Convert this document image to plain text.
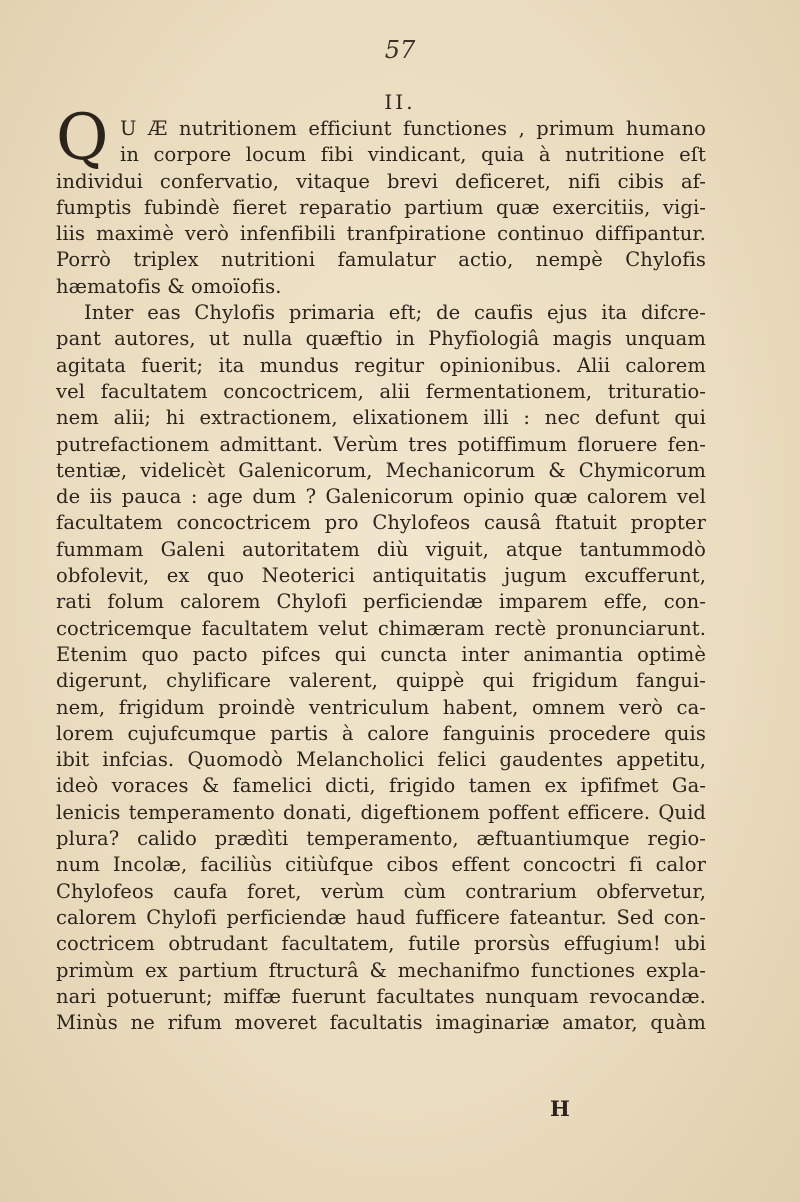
57

II.

Q U Æ nutritionem efficiunt functiones , primum humano
in corpore locum fibi vindicant, quia à nutritione eſt
individui confervatio, vitaque brevi deficeret, nifi cibis af-
fumptis fubindè fieret reparatio partium quæ exercitiis, vigi-
liis maximè verò infenfibili tranfpiratione continuo diffipantur.
Porrò triplex nutritioni famulatur actio, nempè Chylofis
hæmatofis & omoïofis.
Inter eas Chylofis primaria eft; de caufis ejus ita difcre-
pant autores, ut nulla quæftio in Phyfiologiâ magis unquam
agitata fuerit; ita mundus regitur opinionibus. Alii calorem
vel facultatem concoctricem, alii fermentationem, trituratio-
nem alii; hi extractionem, elixationem illi : nec defunt qui
putrefactionem admittant. Verùm tres potiffimum floruere fen-
tentiæ, videlicèt Galenicorum, Mechanicorum & Chymicorum
de iis pauca : age dum ? Galenicorum opinio quæ calorem vel
facultatem concoctricem pro Chylofeos causâ ftatuit propter
fummam Galeni autoritatem diù viguit, atque tantummodò
obfolevit, ex quo Neoterici antiquitatis jugum excufferunt,
rati folum calorem Chylofi perficiendæ imparem effe, con-
coctricemque facultatem velut chimæram rectè pronunciarunt.
Etenim quo pacto pifces qui cuncta inter animantia optimè
digerunt, chylificare valerent, quippè qui frigidum fangui-
nem, frigidum proindè ventriculum habent, omnem verò ca-
lorem cujufcumque partis à calore fanguinis procedere quis
ibit infcias. Quomodò Melancholici felici gaudentes appetitu,
ideò voraces & famelici dicti, frigido tamen ex ipfifmet Ga-
lenicis temperamento donati, digeftionem poffent efficere. Quid
plura? calido prædìti temperamento, æftuantiumque regio-
num Incolæ, faciliùs citiùfque cibos effent concoctri fi calor
Chylofeos caufa foret, verùm cùm contrarium obfervetur,
calorem Chylofi perficiendæ haud fufficere fateantur. Sed con-
coctricem obtrudant facultatem, futile prorsùs effugium! ubi
primùm ex partium ftructurâ & mechanifmo functiones expla-
nari potuerunt; miffæ fuerunt facultates nunquam revocandæ.
Minùs ne rifum moveret facultatis imaginariæ amator, quàm

H
